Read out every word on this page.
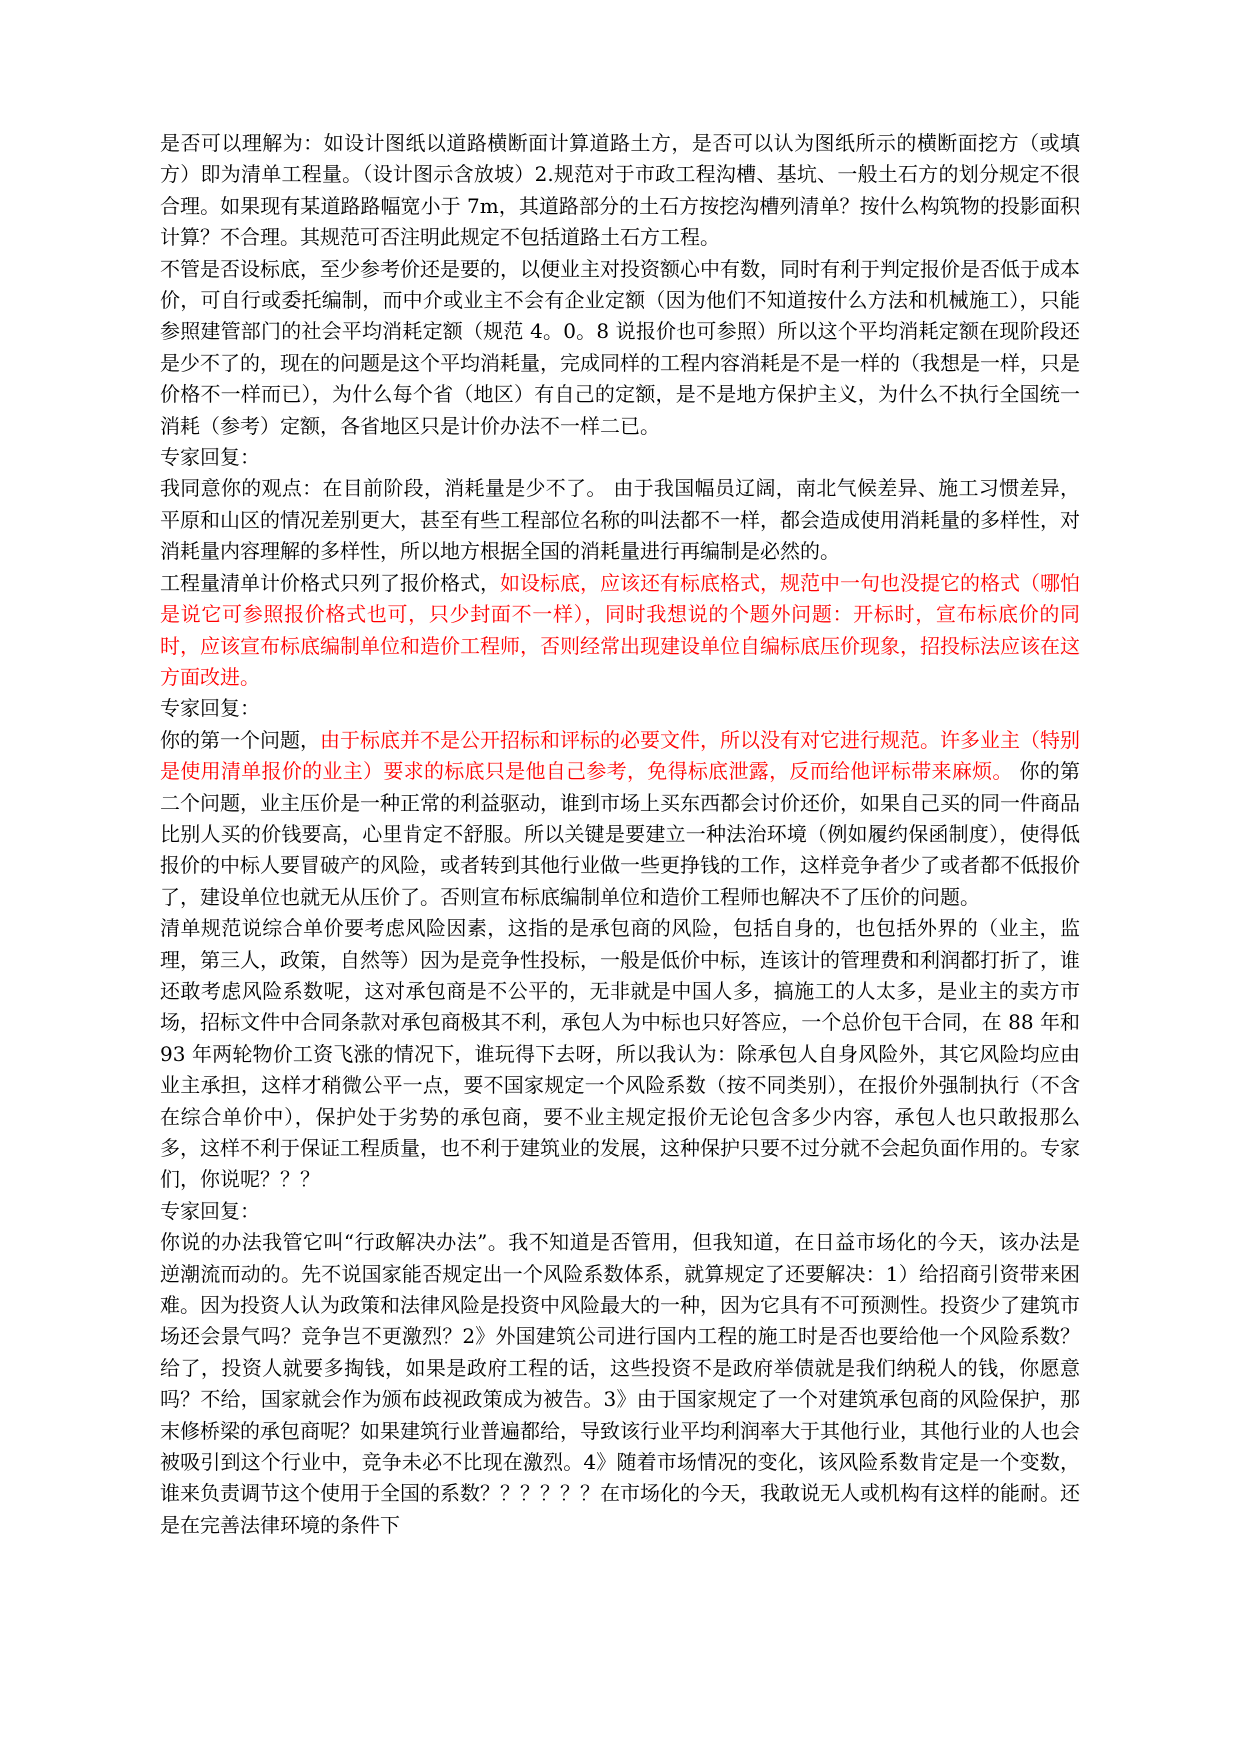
是否可以理解为：如设计图纸以道路横断面计算道路土方，是否可以认为图纸所示的横断面挖方（或填方）即为清单工程量。（设计图示含放坡）2.规范对于市政工程沟槽、基坑、一般土石方的划分规定不很合理。如果现有某道路路幅宽小于 7m，其道路部分的土石方按挖沟槽列清单？按什么构筑物的投影面积计算？不合理。其规范可否注明此规定不包括道路土石方工程。

不管是否设标底，至少参考价还是要的，以便业主对投资额心中有数，同时有利于判定报价是否低于成本价，可自行或委托编制，而中介或业主不会有企业定额（因为他们不知道按什么方法和机械施工），只能参照建管部门的社会平均消耗定额（规范 4。0。8 说报价也可参照）所以这个平均消耗定额在现阶段还是少不了的，现在的问题是这个平均消耗量，完成同样的工程内容消耗是不是一样的（我想是一样，只是价格不一样而已），为什么每个省（地区）有自己的定额，是不是地方保护主义，为什么不执行全国统一消耗（参考）定额，各省地区只是计价办法不一样二已。

专家回复：

我同意你的观点：在目前阶段，消耗量是少不了。 由于我国幅员辽阔，南北气候差异、施工习惯差异，平原和山区的情况差别更大，甚至有些工程部位名称的叫法都不一样，都会造成使用消耗量的多样性，对消耗量内容理解的多样性，所以地方根据全国的消耗量进行再编制是必然的。

工程量清单计价格式只列了报价格式，如设标底，应该还有标底格式，规范中一句也没提它的格式（哪怕是说它可参照报价格式也可，只少封面不一样），同时我想说的个题外问题：开标时，宣布标底价的同时，应该宣布标底编制单位和造价工程师，否则经常出现建设单位自编标底压价现象，招投标法应该在这方面改进。

专家回复：

你的第一个问题，由于标底并不是公开招标和评标的必要文件，所以没有对它进行规范。许多业主（特别是使用清单报价的业主）要求的标底只是他自己参考，免得标底泄露，反而给他评标带来麻烦。 你的第二个问题，业主压价是一种正常的利益驱动，谁到市场上买东西都会讨价还价，如果自己买的同一件商品比别人买的价钱要高，心里肯定不舒服。所以关键是要建立一种法治环境（例如履约保函制度），使得低报价的中标人要冒破产的风险，或者转到其他行业做一些更挣钱的工作，这样竞争者少了或者都不低报价了，建设单位也就无从压价了。否则宣布标底编制单位和造价工程师也解决不了压价的问题。

清单规范说综合单价要考虑风险因素，这指的是承包商的风险，包括自身的，也包括外界的（业主，监理，第三人，政策，自然等）因为是竞争性投标，一般是低价中标，连该计的管理费和利润都打折了，谁还敢考虑风险系数呢，这对承包商是不公平的，无非就是中国人多，搞施工的人太多，是业主的卖方市场，招标文件中合同条款对承包商极其不利，承包人为中标也只好答应，一个总价包干合同，在 88 年和 93 年两轮物价工资飞涨的情况下，谁玩得下去呀，所以我认为：除承包人自身风险外，其它风险均应由业主承担，这样才稍微公平一点，要不国家规定一个风险系数（按不同类别），在报价外强制执行（不含在综合单价中），保护处于劣势的承包商，要不业主规定报价无论包含多少内容，承包人也只敢报那么多，这样不利于保证工程质量，也不利于建筑业的发展，这种保护只要不过分就不会起负面作用的。专家们，你说呢？？？

专家回复：

你说的办法我管它叫“行政解决办法”。我不知道是否管用，但我知道，在日益市场化的今天，该办法是逆潮流而动的。先不说国家能否规定出一个风险系数体系，就算规定了还要解决：1）给招商引资带来困难。因为投资人认为政策和法律风险是投资中风险最大的一种，因为它具有不可预测性。投资少了建筑市场还会景气吗？竞争岂不更激烈？2》外国建筑公司进行国内工程的施工时是否也要给他一个风险系数？给了，投资人就要多掏钱，如果是政府工程的话，这些投资不是政府举债就是我们纳税人的钱，你愿意吗？不给，国家就会作为颁布歧视政策成为被告。3》由于国家规定了一个对建筑承包商的风险保护，那末修桥梁的承包商呢？如果建筑行业普遍都给，导致该行业平均利润率大于其他行业，其他行业的人也会被吸引到这个行业中，竞争未必不比现在激烈。4》随着市场情况的变化，该风险系数肯定是一个变数，谁来负责调节这个使用于全国的系数？？？？？？在市场化的今天，我敢说无人或机构有这样的能耐。还是在完善法律环境的条件下
